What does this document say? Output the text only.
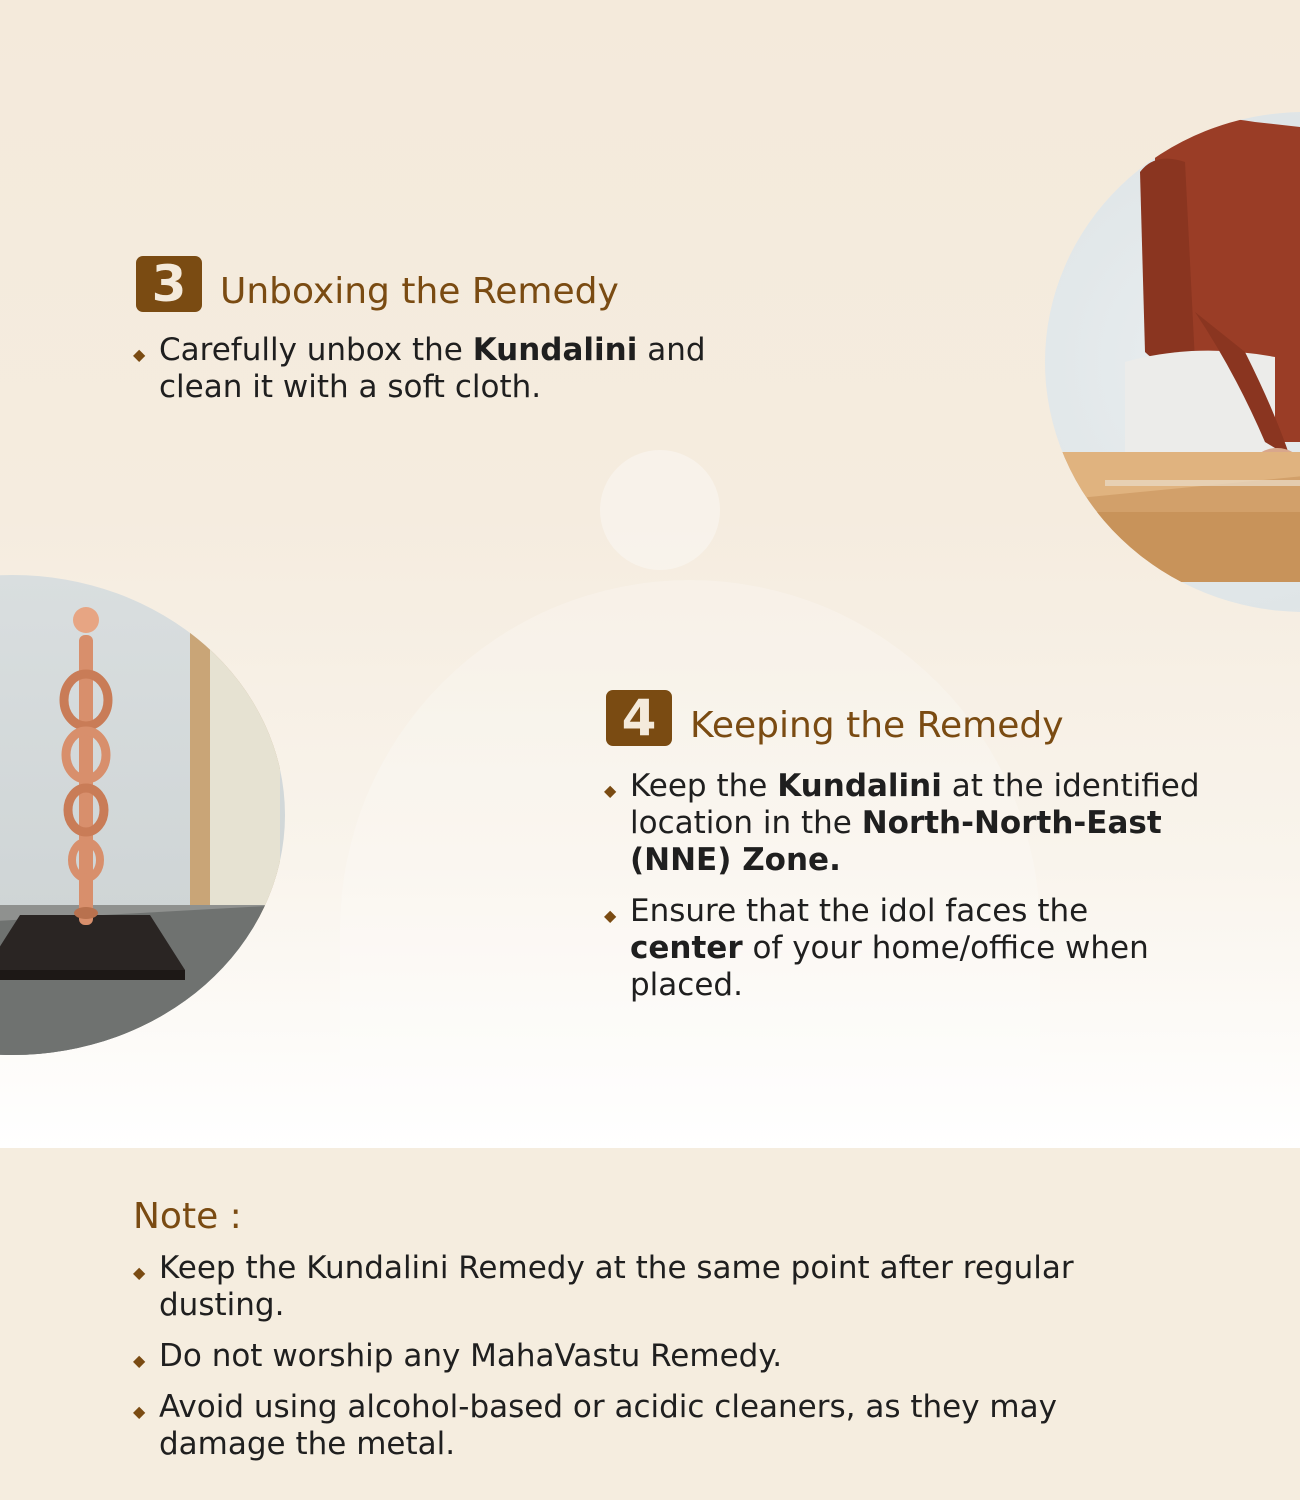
3 Unboxing the Remedy
◆ Carefully unbox the Kundalini and clean it with a soft cloth.
4 Keeping the Remedy
◆ Keep the Kundalini at the identified location in the North-North-East (NNE) Zone.
◆ Ensure that the idol faces the center of your home/office when placed.
Note :
◆ Keep the Kundalini Remedy at the same point after regular dusting.
◆ Do not worship any MahaVastu Remedy.
◆ Avoid using alcohol-based or acidic cleaners, as they may damage the metal.
